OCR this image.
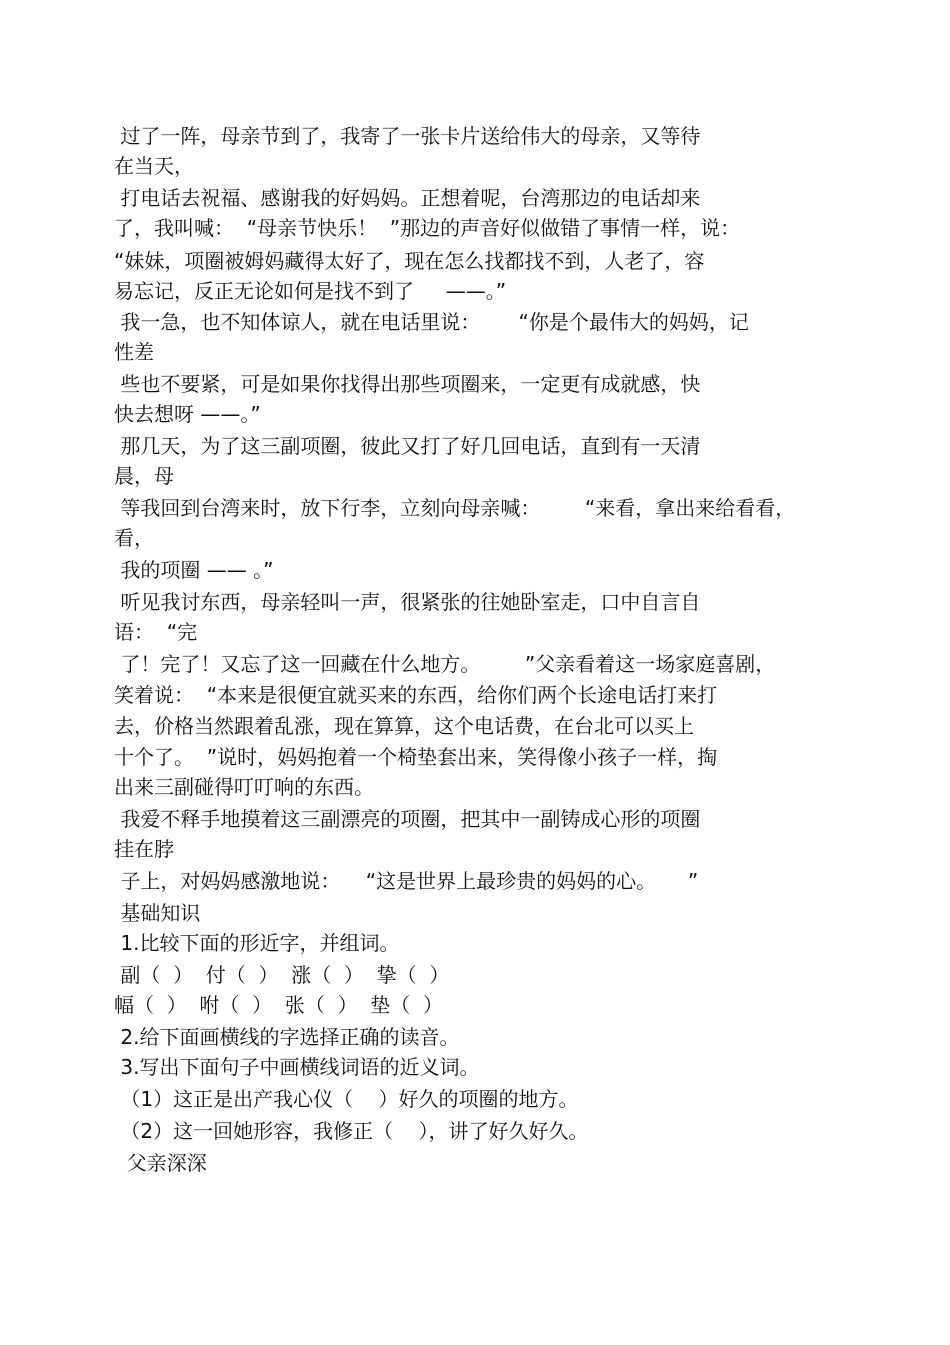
过了一阵，母亲节到了，我寄了一张卡片送给伟大的母亲，又等待
在当天，
打电话去祝福、感谢我的好妈妈。正想着呢，台湾那边的电话却来
了，我叫喊：  “母亲节快乐！  ”那边的声音好似做错了事情一样，说：
“妹妹，项圈被姆妈藏得太好了，现在怎么找都找不到，人老了，容
易忘记，反正无论如何是找不到了     ——。”
我一急，也不知体谅人，就在电话里说：      “你是个最伟大的妈妈，记
性差
些也不要紧，可是如果你找得出那些项圈来，一定更有成就感，快
快去想呀 ——。”
那几天，为了这三副项圈，彼此又打了好几回电话，直到有一天清
晨，母
等我回到台湾来时，放下行李，立刻向母亲喊：       “来看，拿出来给看看，
看，
我的项圈 —— 。”
听见我讨东西，母亲轻叫一声，很紧张的往她卧室走，口中自言自
语：  “完
了！完了！又忘了这一回藏在什么地方。       ”父亲看着这一场家庭喜剧，
笑着说：  “本来是很便宜就买来的东西，给你们两个长途电话打来打
去，价格当然跟着乱涨，现在算算，这个电话费，在台北可以买上
十个了。  ”说时，妈妈抱着一个椅垫套出来，笑得像小孩子一样，掏
出来三副碰得叮叮响的东西。
我爱不释手地摸着这三副漂亮的项圈，把其中一副铸成心形的项圈
挂在脖
子上，对妈妈感激地说：    “这是世界上最珍贵的妈妈的心。     ”
基础知识
1.比较下面的形近字，并组词。
副（  ）  付（  ）  涨（  ）  挚（  ）
幅（  ）  咐（  ）  张（  ）  垫（  ）
2.给下面画横线的字选择正确的读音。
3.写出下面句子中画横线词语的近义词。
（1）这正是出产我心仪（    ）好久的项圈的地方。
（2）这一回她形容，我修正（    ），讲了好久好久。
父亲深深
